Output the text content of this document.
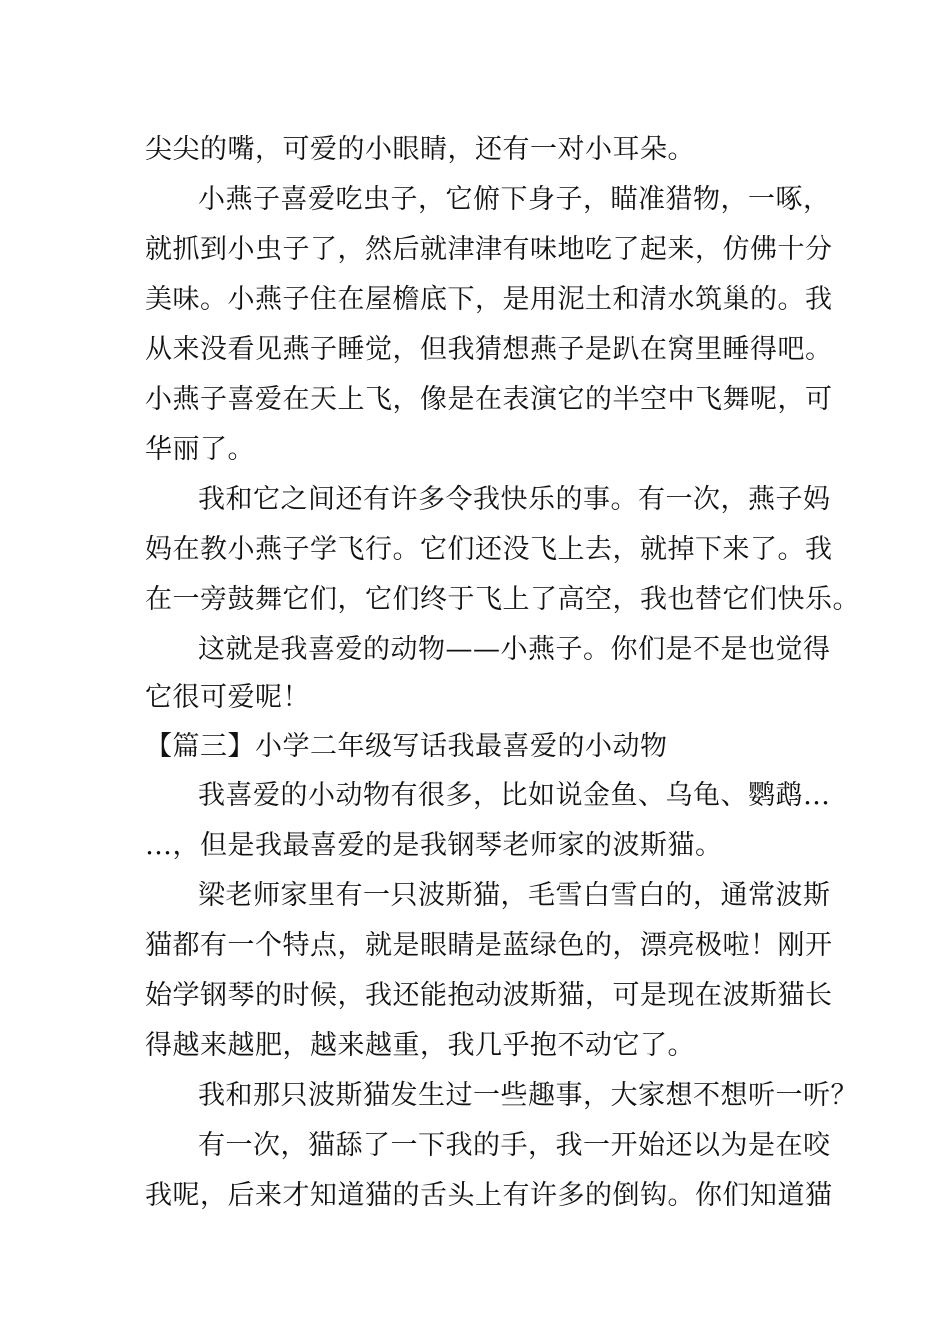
尖尖的嘴，可爱的小眼睛，还有一对小耳朵。
小燕子喜爱吃虫子，它俯下身子，瞄准猎物，一啄，
就抓到小虫子了，然后就津津有味地吃了起来，仿佛十分
美味。小燕子住在屋檐底下，是用泥土和清水筑巢的。我
从来没看见燕子睡觉，但我猜想燕子是趴在窝里睡得吧。
小燕子喜爱在天上飞，像是在表演它的半空中飞舞呢，可
华丽了。
我和它之间还有许多令我快乐的事。有一次，燕子妈
妈在教小燕子学飞行。它们还没飞上去，就掉下来了。我
在一旁鼓舞它们，它们终于飞上了高空，我也替它们快乐。
这就是我喜爱的动物——小燕子。你们是不是也觉得
它很可爱呢！
【篇三】小学二年级写话我最喜爱的小动物
我喜爱的小动物有很多，比如说金鱼、乌龟、鹦鹉…
…，但是我最喜爱的是我钢琴老师家的波斯猫。
梁老师家里有一只波斯猫，毛雪白雪白的，通常波斯
猫都有一个特点，就是眼睛是蓝绿色的，漂亮极啦！刚开
始学钢琴的时候，我还能抱动波斯猫，可是现在波斯猫长
得越来越肥，越来越重，我几乎抱不动它了。
我和那只波斯猫发生过一些趣事，大家想不想听一听？
有一次，猫舔了一下我的手，我一开始还以为是在咬
我呢，后来才知道猫的舌头上有许多的倒钩。你们知道猫
